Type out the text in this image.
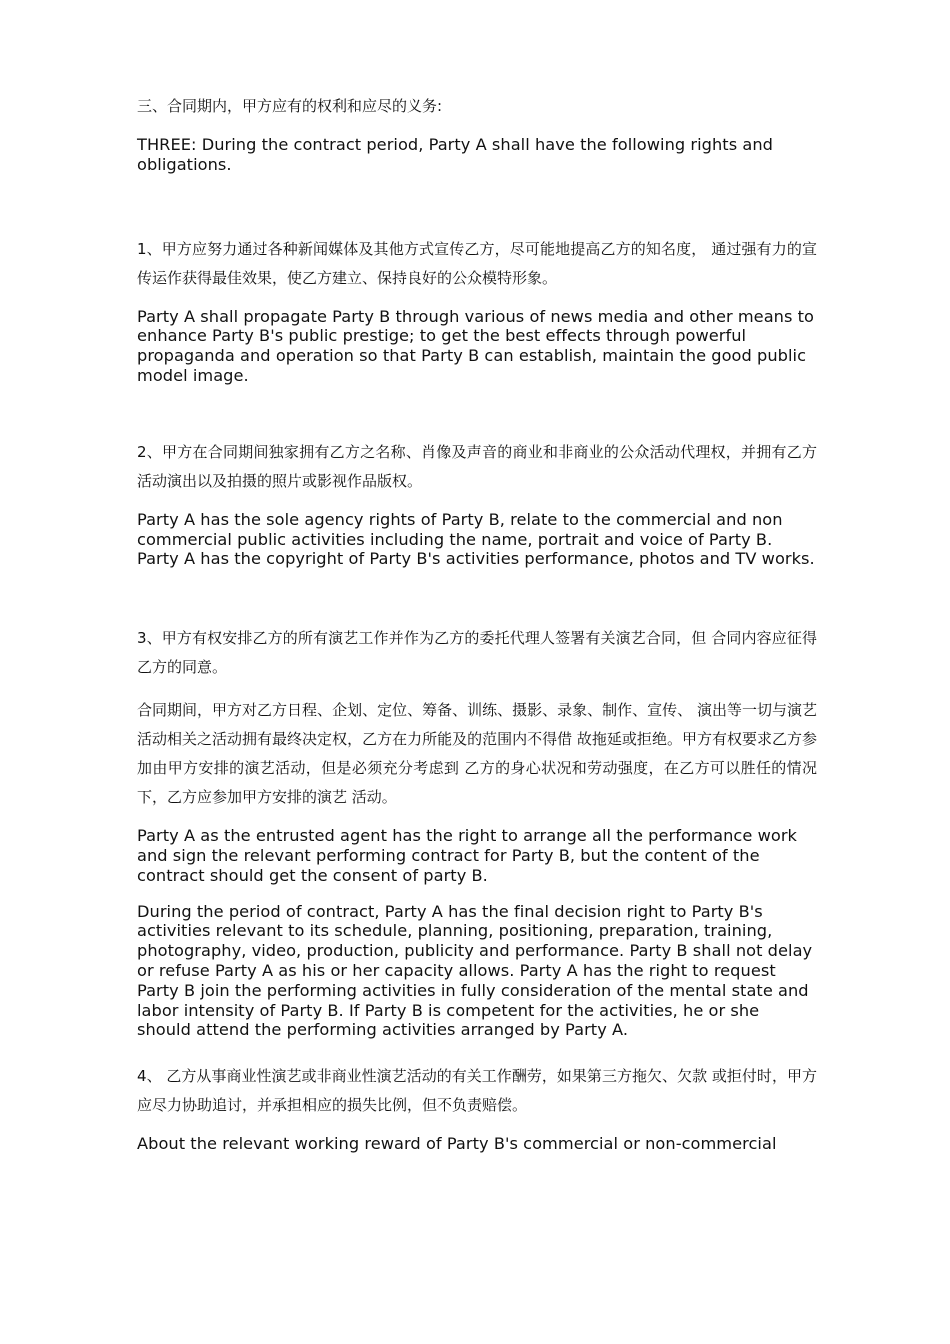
三、合同期内，甲方应有的权利和应尽的义务:

THREE: During the contract period, Party A shall have the following rights and obligations.

1、甲方应努力通过各种新闻媒体及其他方式宣传乙方，尽可能地提高乙方的知名度， 通过强有力的宣传运作获得最佳效果，使乙方建立、保持良好的公众模特形象。

Party A shall propagate Party B through various of news media and other means to enhance Party B's public prestige; to get the best effects through powerful propaganda and operation so that Party B can establish, maintain the good public model image.

2、甲方在合同期间独家拥有乙方之名称、肖像及声音的商业和非商业的公众活动代理权，并拥有乙方活动演出以及拍摄的照片或影视作品版权。

Party A has the sole agency rights of Party B, relate to the commercial and non commercial public activities including the name, portrait and voice of Party B. Party A has the copyright of Party B's activities performance, photos and TV works.

3、甲方有权安排乙方的所有演艺工作并作为乙方的委托代理人签署有关演艺合同，但 合同内容应征得乙方的同意。

合同期间，甲方对乙方日程、企划、定位、筹备、训练、摄影、录象、制作、宣传、 演出等一切与演艺活动相关之活动拥有最终决定权，乙方在力所能及的范围内不得借 故拖延或拒绝。甲方有权要求乙方参加由甲方安排的演艺活动，但是必须充分考虑到 乙方的身心状况和劳动强度，在乙方可以胜任的情况下，乙方应参加甲方安排的演艺 活动。

Party A as the entrusted agent has the right to arrange all the performance work and sign the relevant performing contract for Party B, but the content of the contract should get the consent of party B.

During the period of contract, Party A has the final decision right to Party B's activities relevant to its schedule, planning, positioning, preparation, training, photography, video, production, publicity and performance. Party B shall not delay or refuse Party A as his or her capacity allows. Party A has the right to request Party B join the performing activities in fully consideration of the mental state and labor intensity of Party B. If Party B is competent for the activities, he or she should attend the performing activities arranged by Party A.

4、 乙方从事商业性演艺或非商业性演艺活动的有关工作酬劳，如果第三方拖欠、欠款 或拒付时，甲方应尽力协助追讨，并承担相应的损失比例，但不负责赔偿。

About the relevant working reward of Party B's commercial or non-commercial
